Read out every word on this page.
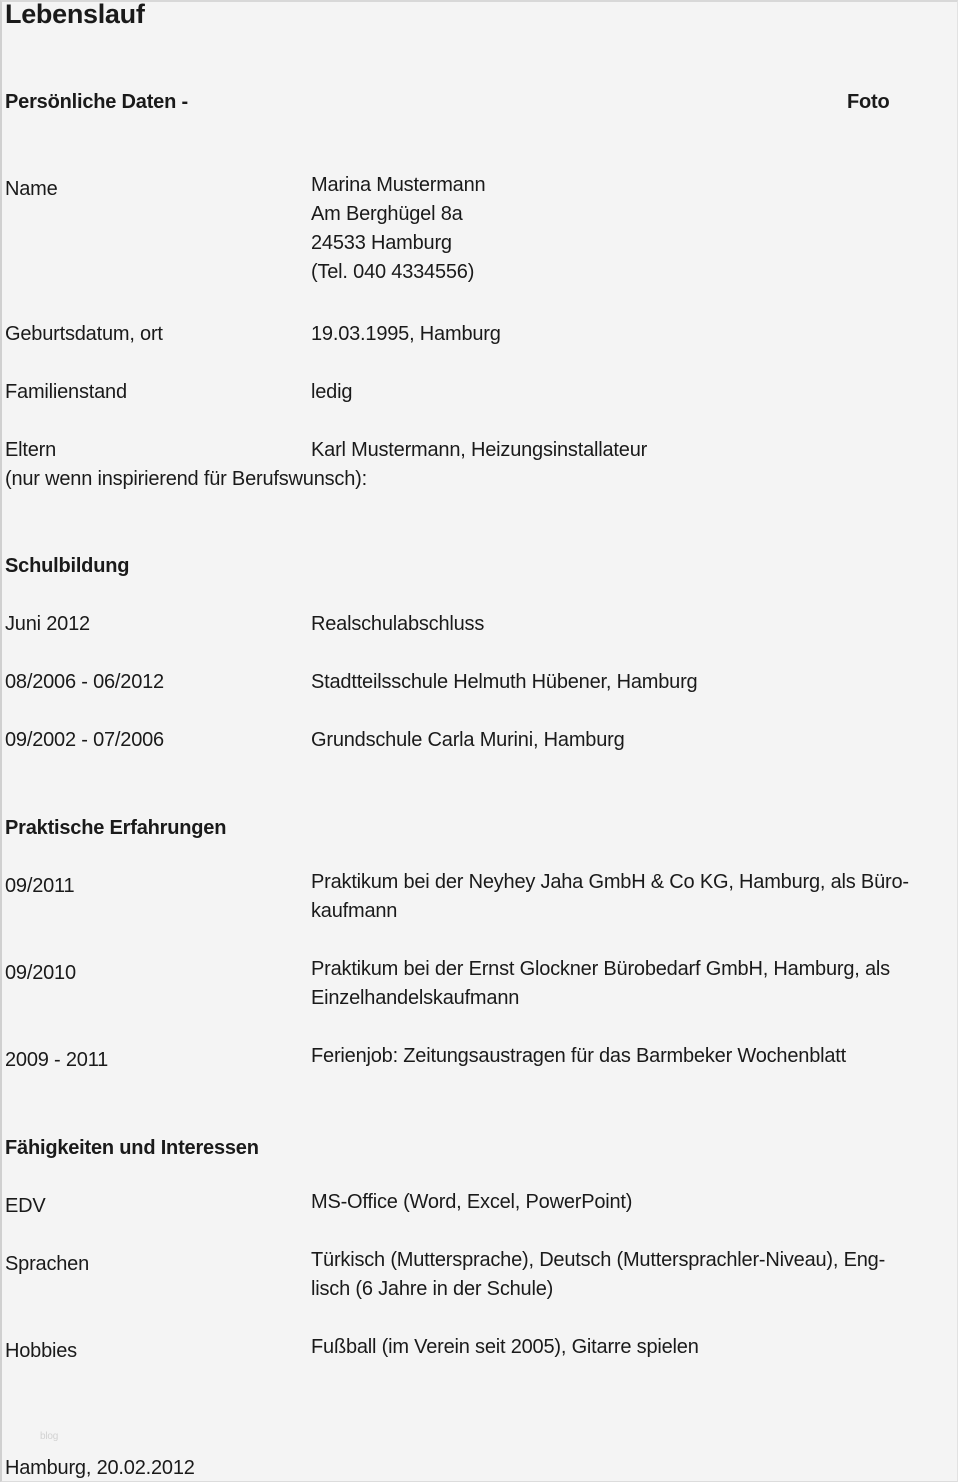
Lebenslauf
Persönliche Daten -	Foto
Name	Marina Mustermann
Am Berghügel 8a
24533 Hamburg
(Tel. 040 4334556)
Geburtsdatum, ort	19.03.1995, Hamburg
Familienstand	ledig
Eltern	Karl Mustermann, Heizungsinstallateur
(nur wenn inspirierend für Berufswunsch):
Schulbildung
Juni 2012	Realschulabschluss
08/2006 - 06/2012	Stadtteilsschule Helmuth Hübener, Hamburg
09/2002 - 07/2006	Grundschule Carla Murini, Hamburg
Praktische Erfahrungen
09/2011	Praktikum bei der Neyhey Jaha GmbH & Co KG, Hamburg, als Büro-
kaufmann
09/2010	Praktikum bei der Ernst Glockner Bürobedarf GmbH, Hamburg, als
Einzelhandelskaufmann
2009 - 2011	Ferienjob: Zeitungsaustragen für das Barmbeker Wochenblatt
Fähigkeiten und Interessen
EDV	MS-Office (Word, Excel, PowerPoint)
Sprachen	Türkisch (Muttersprache), Deutsch (Muttersprachler-Niveau), Eng-
lisch (6 Jahre in der Schule)
Hobbies	Fußball (im Verein seit 2005), Gitarre spielen
blog
Hamburg, 20.02.2012
